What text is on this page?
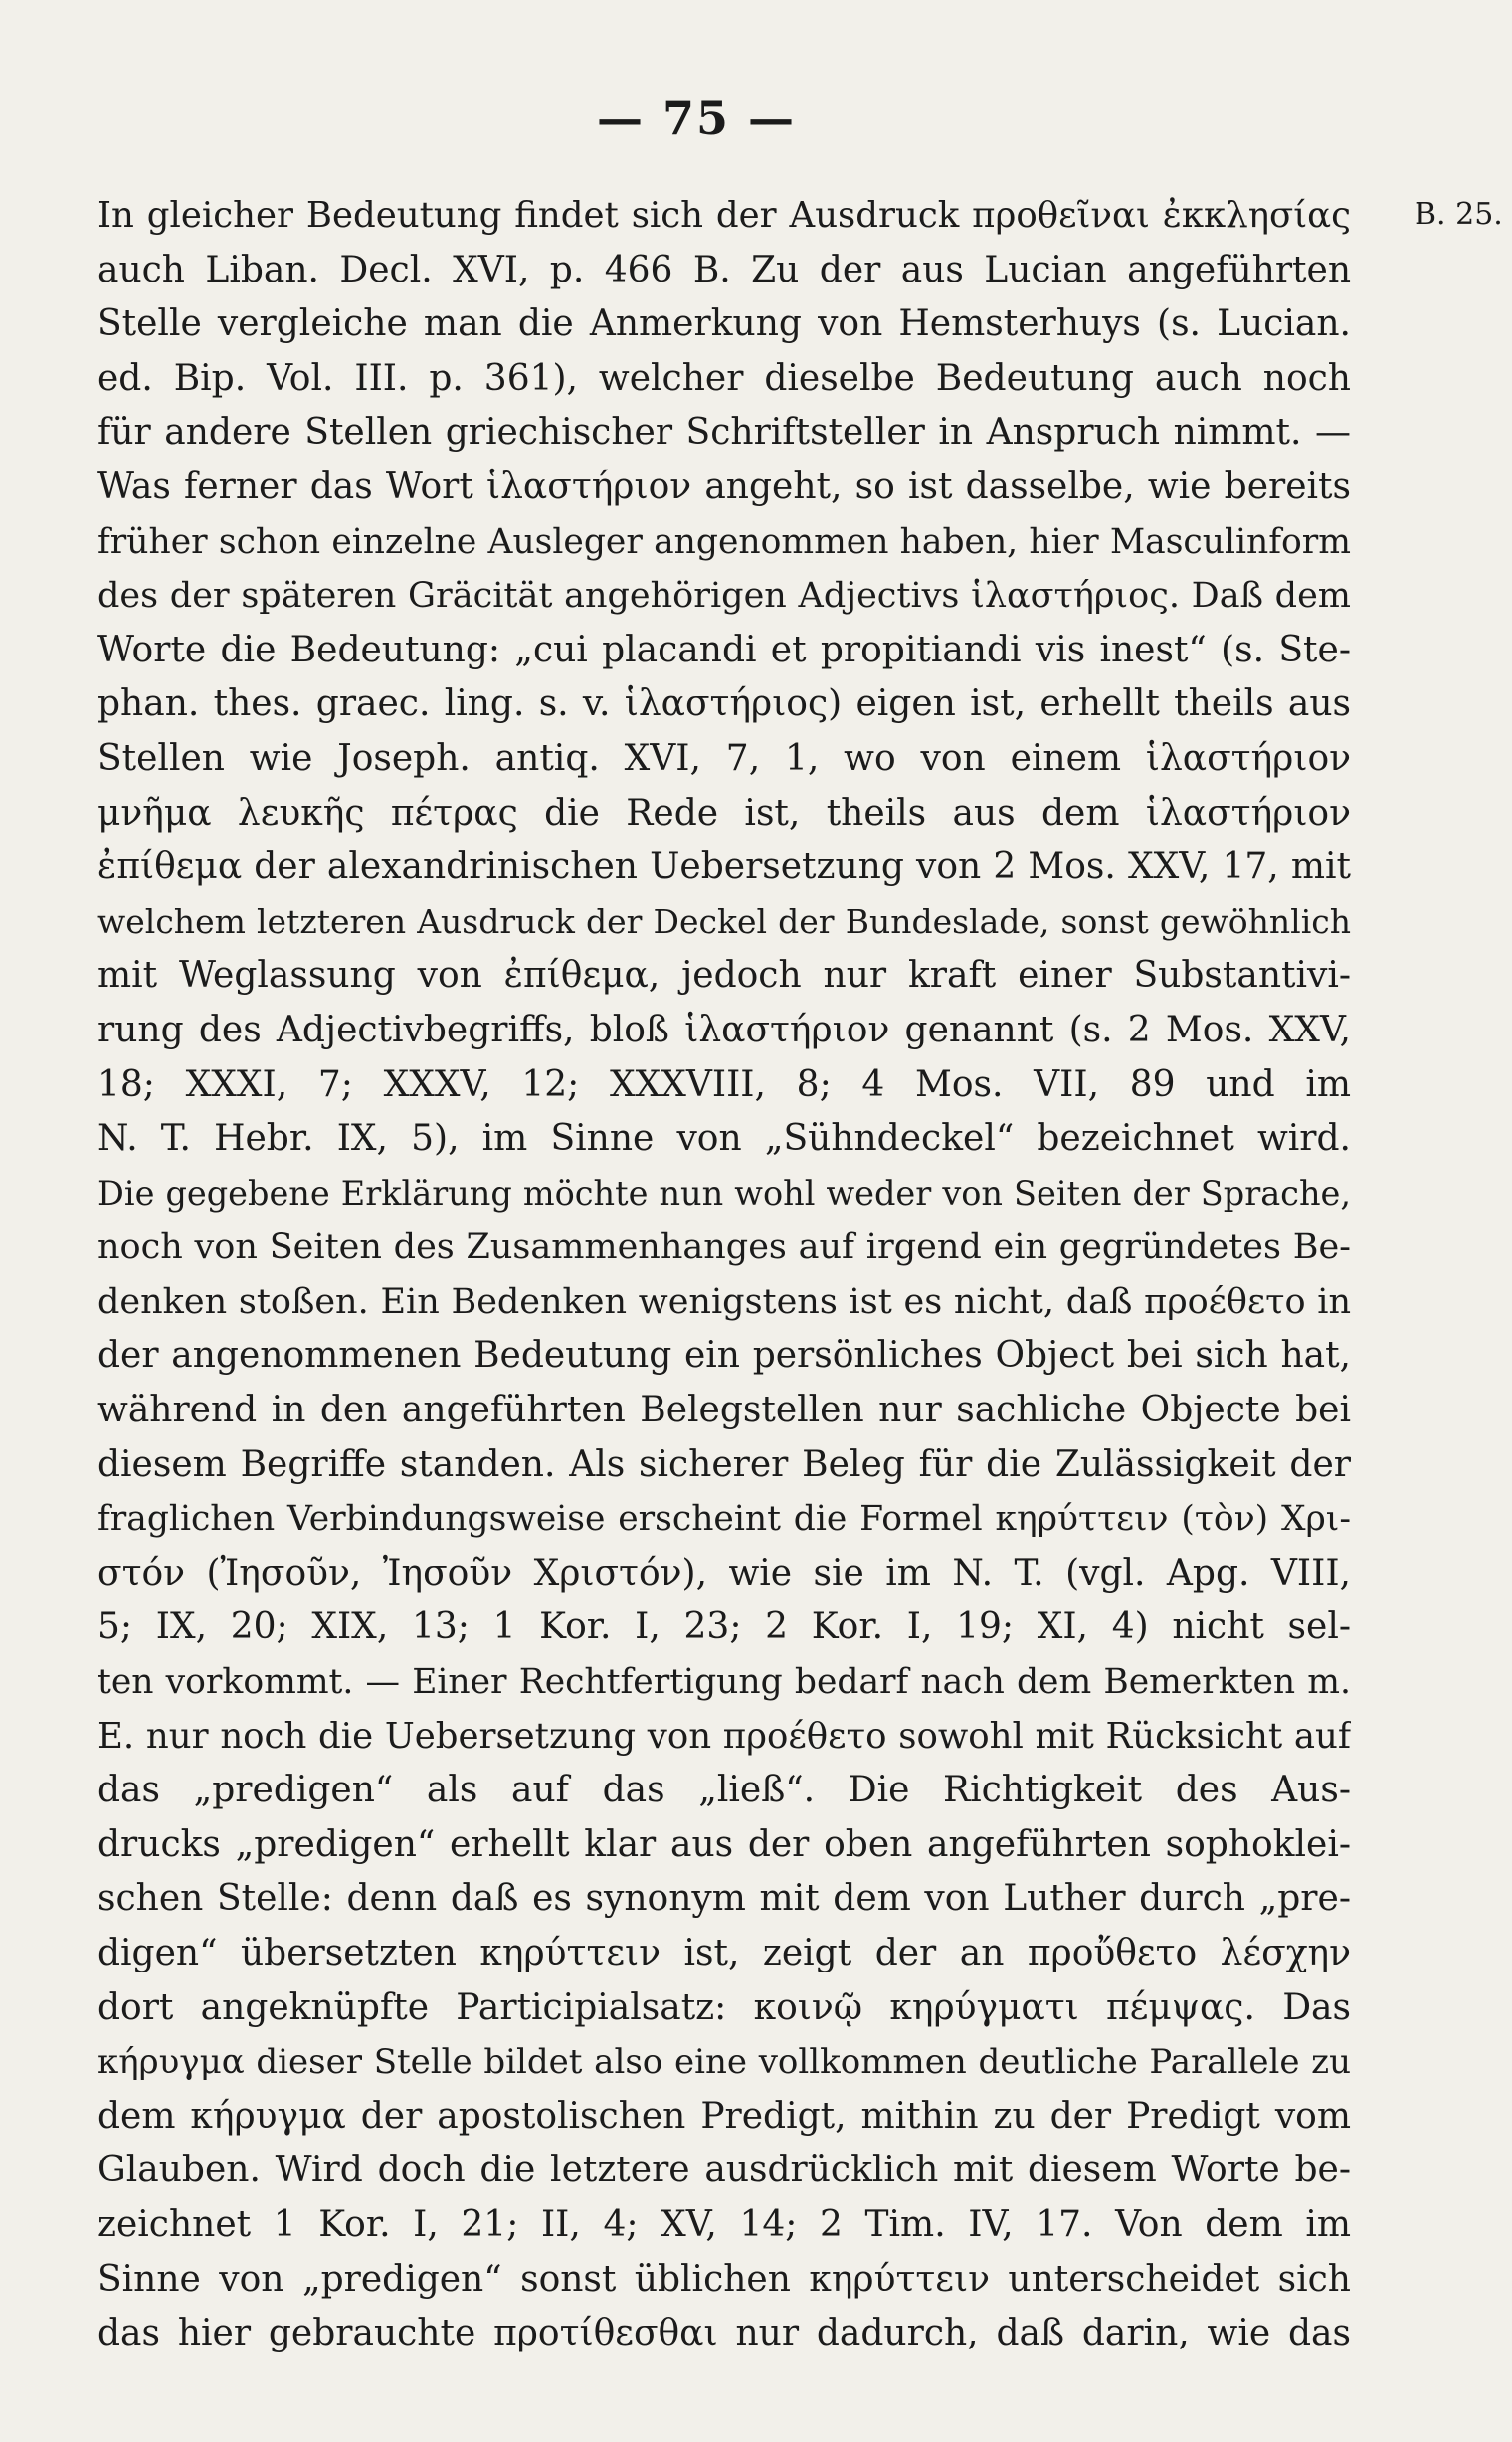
— 75 —
B. 25.
In gleicher Bedeutung findet sich der Ausdruck προθεῖναι ἐκκλησίας
auch Liban. Decl. XVI, p. 466 B. Zu der aus Lucian angeführten
Stelle vergleiche man die Anmerkung von Hemsterhuys (s. Lucian.
ed. Bip. Vol. III. p. 361), welcher dieselbe Bedeutung auch noch
für andere Stellen griechischer Schriftsteller in Anspruch nimmt. —
Was ferner das Wort ἱλαστήριον angeht, so ist dasselbe, wie bereits
früher schon einzelne Ausleger angenommen haben, hier Masculinform
des der späteren Gräcität angehörigen Adjectivs ἱλαστήριος. Daß dem
Worte die Bedeutung: „cui placandi et propitiandi vis inest“ (s. Ste-
phan. thes. graec. ling. s. v. ἱλαστήριος) eigen ist, erhellt theils aus
Stellen wie Joseph. antiq. XVI, 7, 1, wo von einem ἱλαστήριον
μνῆμα λευκῆς πέτρας die Rede ist, theils aus dem ἱλαστήριον
ἐπίθεμα der alexandrinischen Uebersetzung von 2 Mos. XXV, 17, mit
welchem letzteren Ausdruck der Deckel der Bundeslade, sonst gewöhnlich
mit Weglassung von ἐπίθεμα, jedoch nur kraft einer Substantivi-
rung des Adjectivbegriffs, bloß ἱλαστήριον genannt (s. 2 Mos. XXV,
18; XXXI, 7; XXXV, 12; XXXVIII, 8; 4 Mos. VII, 89 und im
N. T. Hebr. IX, 5), im Sinne von „Sühndeckel“ bezeichnet wird.
Die gegebene Erklärung möchte nun wohl weder von Seiten der Sprache,
noch von Seiten des Zusammenhanges auf irgend ein gegründetes Be-
denken stoßen. Ein Bedenken wenigstens ist es nicht, daß προέθετο in
der angenommenen Bedeutung ein persönliches Object bei sich hat,
während in den angeführten Belegstellen nur sachliche Objecte bei
diesem Begriffe standen. Als sicherer Beleg für die Zulässigkeit der
fraglichen Verbindungsweise erscheint die Formel κηρύττειν (τὸν) Χρι-
στόν (Ἰησοῦν, Ἰησοῦν Χριστόν), wie sie im N. T. (vgl. Apg. VIII,
5; IX, 20; XIX, 13; 1 Kor. I, 23; 2 Kor. I, 19; XI, 4) nicht sel-
ten vorkommt. — Einer Rechtfertigung bedarf nach dem Bemerkten m.
E. nur noch die Uebersetzung von προέθετο sowohl mit Rücksicht auf
das „predigen“ als auf das „ließ“. Die Richtigkeit des Aus-
drucks „predigen“ erhellt klar aus der oben angeführten sophoklei-
schen Stelle: denn daß es synonym mit dem von Luther durch „pre-
digen“ übersetzten κηρύττειν ist, zeigt der an προὔθετο λέσχην
dort angeknüpfte Participialsatz: κοινῷ κηρύγματι πέμψας. Das
κήρυγμα dieser Stelle bildet also eine vollkommen deutliche Parallele zu
dem κήρυγμα der apostolischen Predigt, mithin zu der Predigt vom
Glauben. Wird doch die letztere ausdrücklich mit diesem Worte be-
zeichnet 1 Kor. I, 21; II, 4; XV, 14; 2 Tim. IV, 17. Von dem im
Sinne von „predigen“ sonst üblichen κηρύττειν unterscheidet sich
das hier gebrauchte προτίθεσθαι nur dadurch, daß darin, wie das
